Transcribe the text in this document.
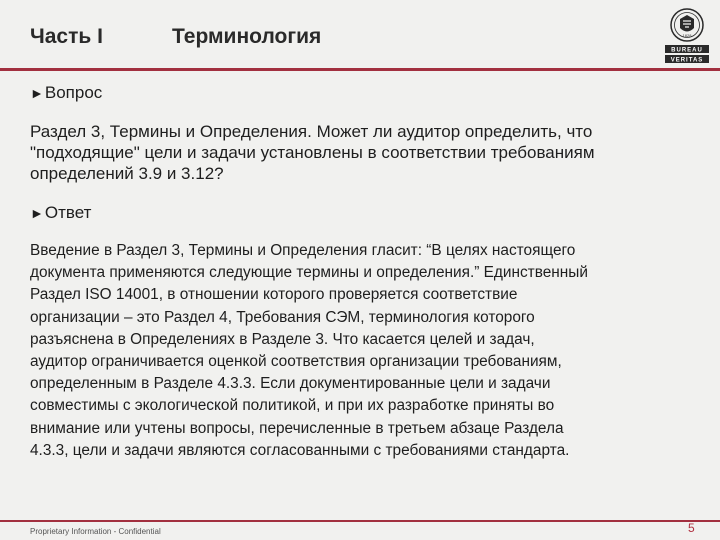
Часть I	Терминология	1828
BUREAU
VERITAS
►Вопрос
Раздел 3, Термины и Определения. Может ли аудитор определить, что "подходящие" цели и задачи установлены в соответствии требованиям определений 3.9 и 3.12?
►Ответ
Введение в Раздел 3, Термины и Определения гласит: “В целях настоящего
документа применяются следующие термины и определения.” Единственный
Раздел ISO 14001, в отношении которого проверяется соответствие
организации – это Раздел 4, Требования СЭМ, терминология которого
разъяснена в Определениях в Разделе 3. Что касается целей и задач,
аудитор ограничивается оценкой соответствия организации требованиям,
определенным в Разделе 4.3.3. Если документированные цели и задачи
совместимы с экологической политикой, и при их разработке приняты во
внимание или учтены вопросы, перечисленные в третьем абзаце Раздела
4.3.3, цели и задачи являются согласованными с требованиями стандарта.
Proprietary Information - Confidential	5
